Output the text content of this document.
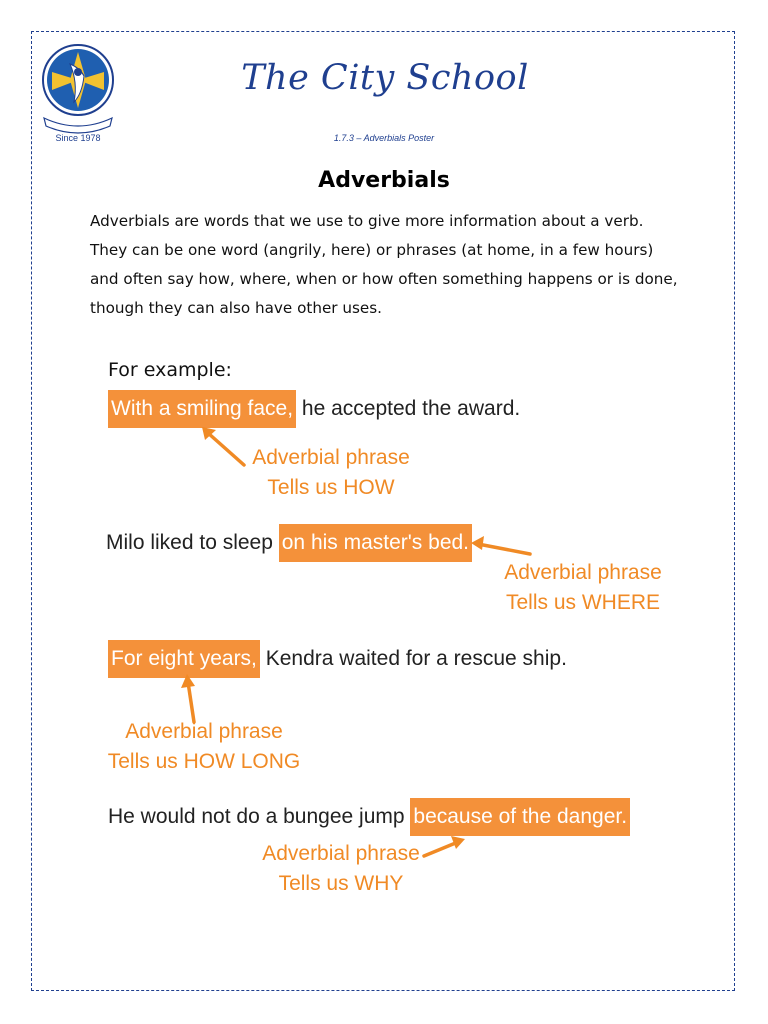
Since 1978
The City School
1.7.3 – Adverbials Poster
Adverbials
Adverbials are words that we use to give more information about a verb.
They can be one word (angrily, here) or phrases (at home, in a few hours)
and often say how, where, when or how often something happens or is done,
though they can also have other uses.
For example:
With a smiling face, he accepted the award.
Adverbial phrase
Tells us HOW
Milo liked to sleep on his master's bed.
Adverbial phrase
Tells us WHERE
For eight years, Kendra waited for a rescue ship.
Adverbial phrase
Tells us HOW LONG
He would not do a bungee jump because of the danger.
Adverbial phrase
Tells us WHY
